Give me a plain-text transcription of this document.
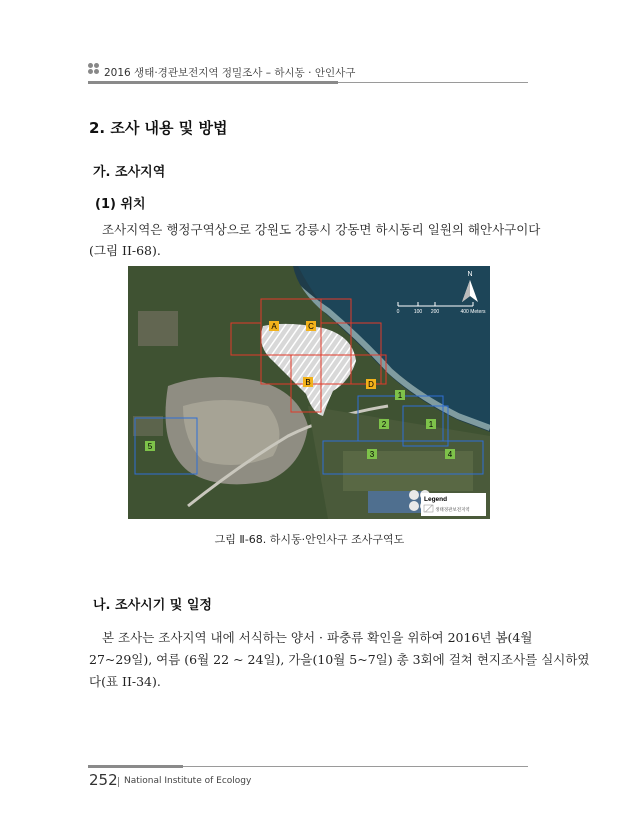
2016 생태·경관보전지역 정밀조사 – 하시동 · 안인사구
2. 조사 내용 및 방법
가. 조사지역
(1) 위치
조사지역은 행정구역상으로 강원도 강릉시 강동면 하시동리 일원의 해안사구이다
(그림 II-68).
A	C
B	D
1
2	1
3	4
5
0	100 200	400 Meters
N
Legend
생태경관보전지역
그림 Ⅱ-68. 하시동·안인사구 조사구역도
나. 조사시기 및 일정
본 조사는 조사지역 내에 서식하는 양서 · 파충류 확인을 위하여 2016년 봄(4월
27~29일), 여름 (6월 22 ~ 24일), 가을(10월 5~7일) 총 3회에 걸쳐 현지조사를 실시하였
다(표 II-34).
252 National Institute of Ecology
